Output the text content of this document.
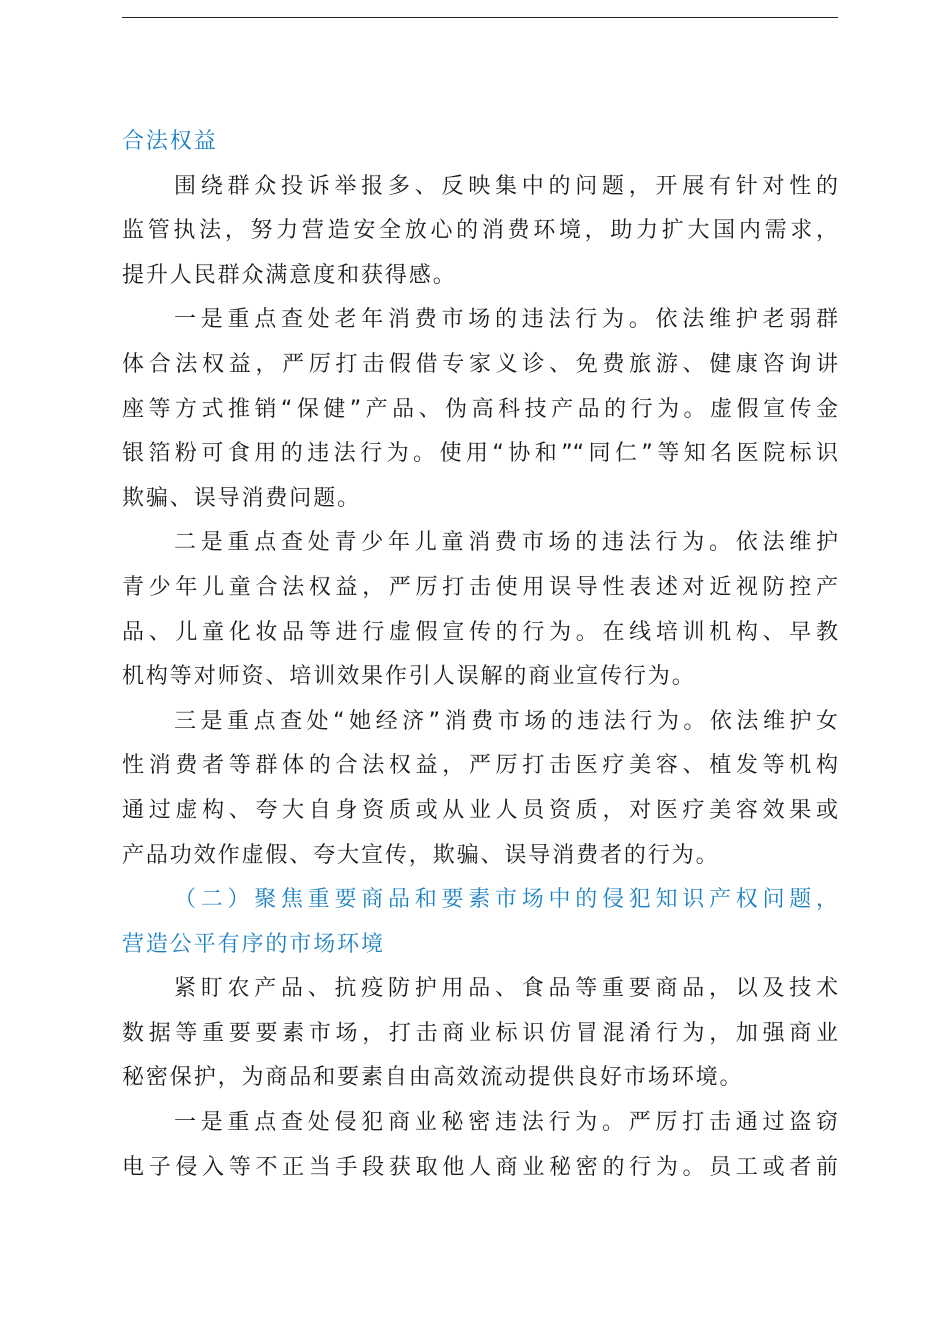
合法权益
围绕群众投诉举报多、反映集中的问题，开展有针对性的
监管执法，努力营造安全放心的消费环境，助力扩大国内需求，
提升人民群众满意度和获得感。
一是重点查处老年消费市场的违法行为。依法维护老弱群
体合法权益，严厉打击假借专家义诊、免费旅游、健康咨询讲
座等方式推销“保健”产品、伪高科技产品的行为。虚假宣传金
银箔粉可食用的违法行为。使用“协和”“同仁”等知名医院标识
欺骗、误导消费问题。
二是重点查处青少年儿童消费市场的违法行为。依法维护
青少年儿童合法权益，严厉打击使用误导性表述对近视防控产
品、儿童化妆品等进行虚假宣传的行为。在线培训机构、早教
机构等对师资、培训效果作引人误解的商业宣传行为。
三是重点查处“她经济”消费市场的违法行为。依法维护女
性消费者等群体的合法权益，严厉打击医疗美容、植发等机构
通过虚构、夸大自身资质或从业人员资质，对医疗美容效果或
产品功效作虚假、夸大宣传，欺骗、误导消费者的行为。
（二）聚焦重要商品和要素市场中的侵犯知识产权问题，
营造公平有序的市场环境
紧盯农产品、抗疫防护用品、食品等重要商品，以及技术
数据等重要要素市场，打击商业标识仿冒混淆行为，加强商业
秘密保护，为商品和要素自由高效流动提供良好市场环境。
一是重点查处侵犯商业秘密违法行为。严厉打击通过盗窃
电子侵入等不正当手段获取他人商业秘密的行为。员工或者前
